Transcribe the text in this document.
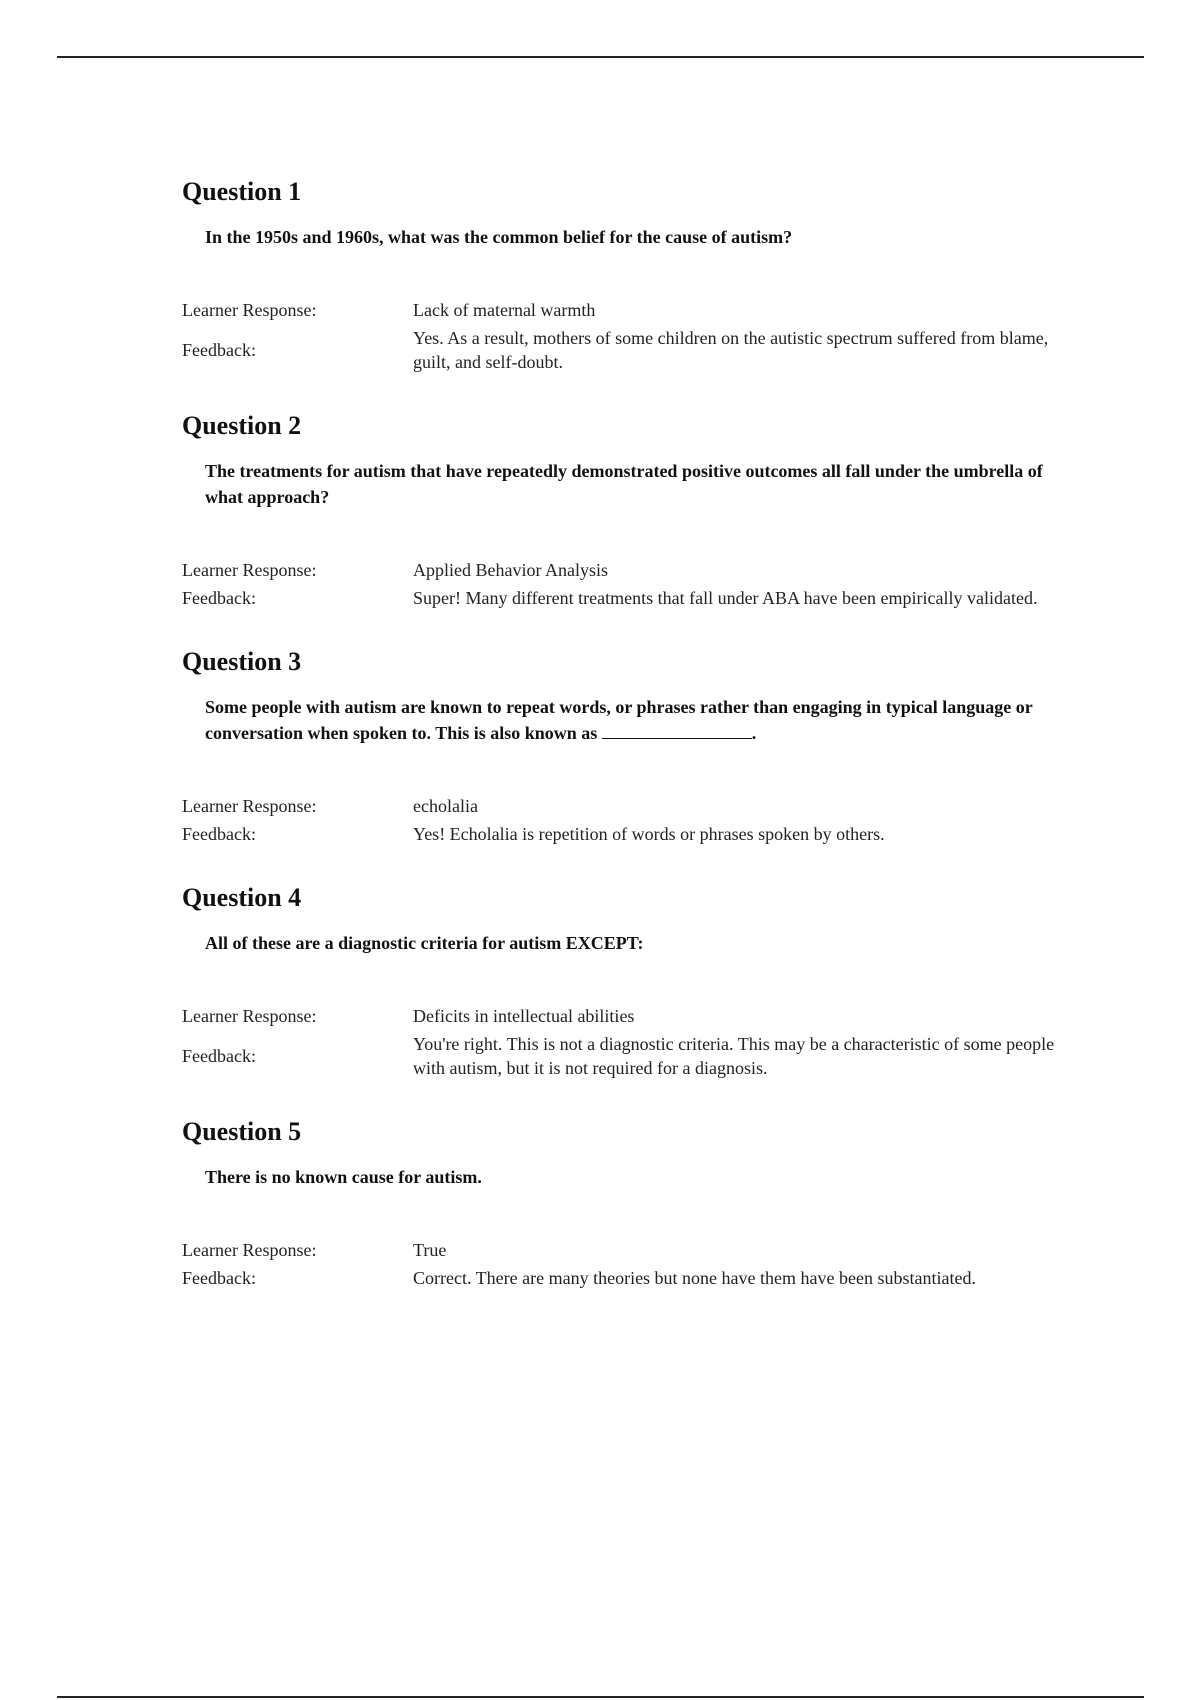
Question 1
In the 1950s and 1960s, what was the common belief for the cause of autism?
Learner Response:	Lack of maternal warmth
Feedback:	Yes. As a result, mothers of some children on the autistic spectrum suffered from blame, guilt, and self-doubt.
Question 2
The treatments for autism that have repeatedly demonstrated positive outcomes all fall under the umbrella of what approach?
Learner Response:	Applied Behavior Analysis
Feedback:	Super! Many different treatments that fall under ABA have been empirically validated.
Question 3
Some people with autism are known to repeat words, or phrases rather than engaging in typical language or conversation when spoken to. This is also known as	.
Learner Response:	echolalia
Feedback:	Yes! Echolalia is repetition of words or phrases spoken by others.
Question 4
All of these are a diagnostic criteria for autism EXCEPT:
Learner Response:	Deficits in intellectual abilities
Feedback:	You're right. This is not a diagnostic criteria. This may be a characteristic of some people with autism, but it is not required for a diagnosis.
Question 5
There is no known cause for autism.
Learner Response:	True
Feedback:	Correct. There are many theories but none have them have been substantiated.
